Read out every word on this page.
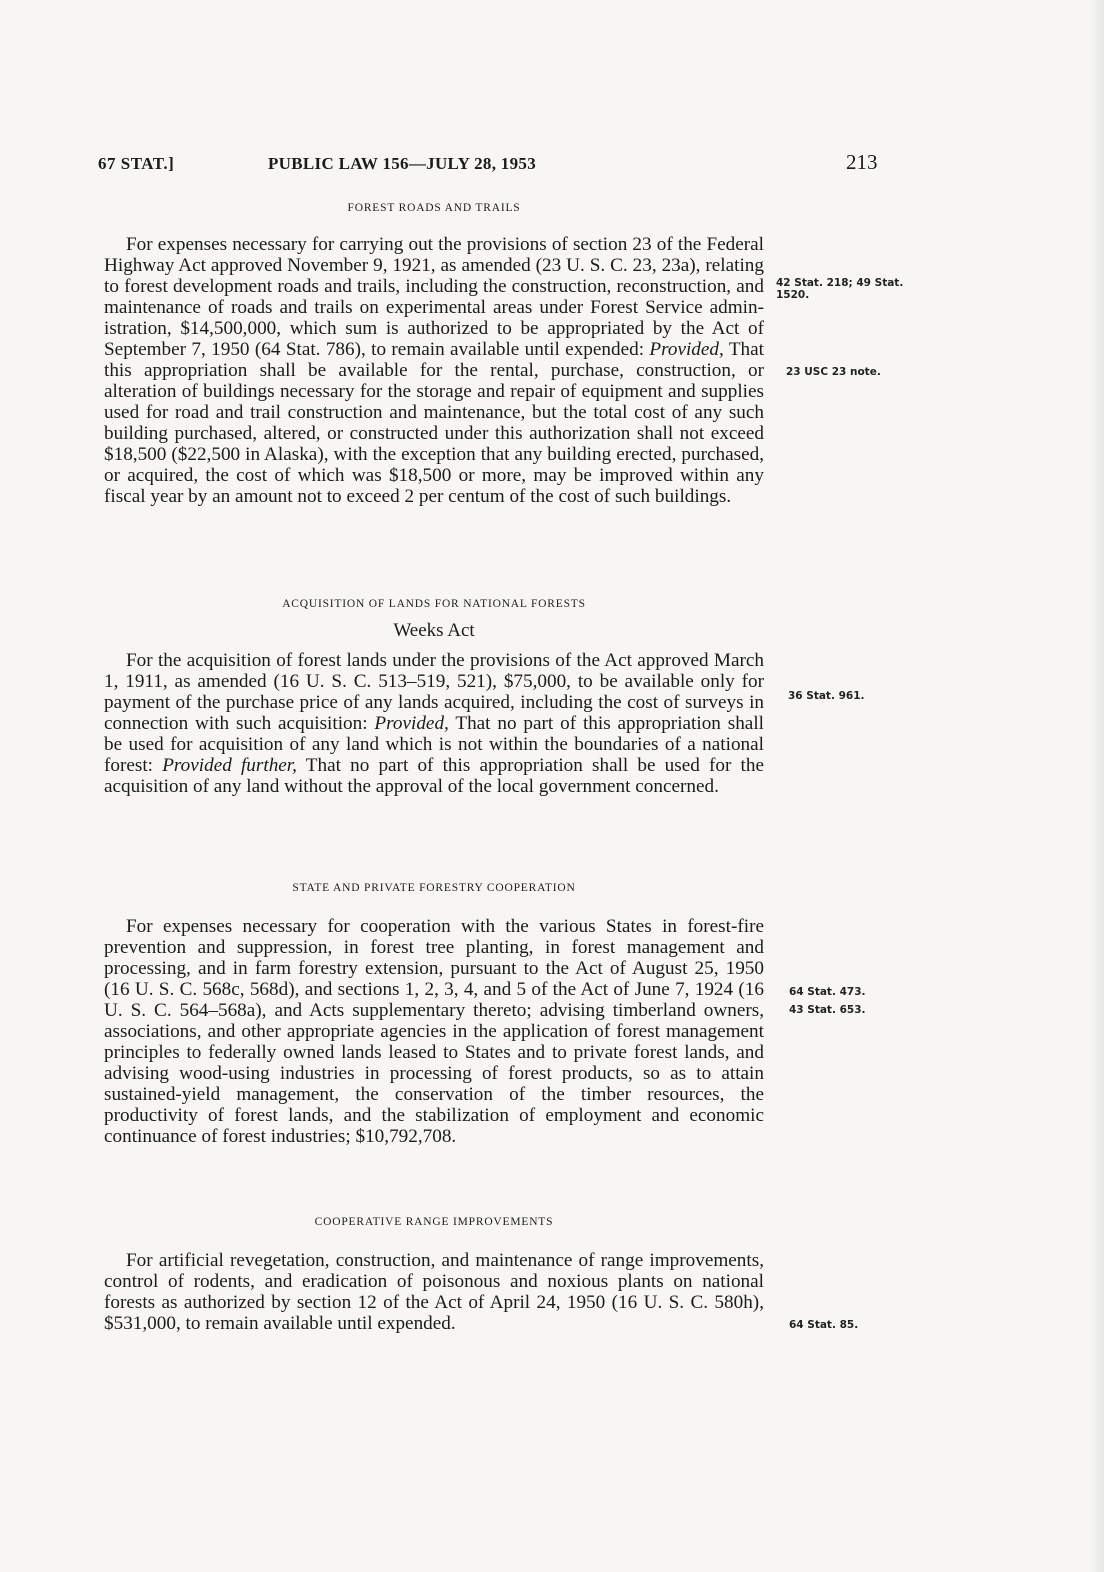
67 STAT.]	PUBLIC LAW 156—JULY 28, 1953	213

FOREST ROADS AND TRAILS

For expenses necessary for carrying out the provisions of section 23 of the Federal Highway Act approved November 9, 1921, as amended (23 U. S. C. 23, 23a), relating to forest development roads and trails, including the construction, reconstruction, and maintenance of roads and trails on experimental areas under Forest Service administration, $14,500,000, which sum is authorized to be appropriated by the Act of September 7, 1950 (64 Stat. 786), to remain available until expended: Provided, That this appropriation shall be available for the rental, purchase, construction, or alteration of buildings necessary for the storage and repair of equipment and supplies used for road and trail construction and maintenance, but the total cost of any such building purchased, altered, or constructed under this authorization shall not exceed $18,500 ($22,500 in Alaska), with the exception that any building erected, purchased, or acquired, the cost of which was $18,500 or more, may be improved within any fiscal year by an amount not to exceed 2 per centum of the cost of such buildings.

ACQUISITION OF LANDS FOR NATIONAL FORESTS

Weeks Act

For the acquisition of forest lands under the provisions of the Act approved March 1, 1911, as amended (16 U. S. C. 513–519, 521), $75,000, to be available only for payment of the purchase price of any lands acquired, including the cost of surveys in connection with such acquisition: Provided, That no part of this appropriation shall be used for acquisition of any land which is not within the boundaries of a national forest: Provided further, That no part of this appropriation shall be used for the acquisition of any land without the approval of the local government concerned.

STATE AND PRIVATE FORESTRY COOPERATION

For expenses necessary for cooperation with the various States in forest-fire prevention and suppression, in forest tree planting, in forest management and processing, and in farm forestry extension, pursuant to the Act of August 25, 1950 (16 U. S. C. 568c, 568d), and sections 1, 2, 3, 4, and 5 of the Act of June 7, 1924 (16 U. S. C. 564–568a), and Acts supplementary thereto; advising timberland owners, associations, and other appropriate agencies in the application of forest management principles to federally owned lands leased to States and to private forest lands, and advising wood-using industries in processing of forest products, so as to attain sustained-yield management, the conservation of the timber resources, the productivity of forest lands, and the stabilization of employment and economic continuance of forest industries; $10,792,708.

COOPERATIVE RANGE IMPROVEMENTS

For artificial revegetation, construction, and maintenance of range improvements, control of rodents, and eradication of poisonous and noxious plants on national forests as authorized by section 12 of the Act of April 24, 1950 (16 U. S. C. 580h), $531,000, to remain available until expended.

42 Stat. 218; 49 Stat. 1520.
23 USC 23 note.
36 Stat. 961.
64 Stat. 473.
43 Stat. 653.
64 Stat. 85.
